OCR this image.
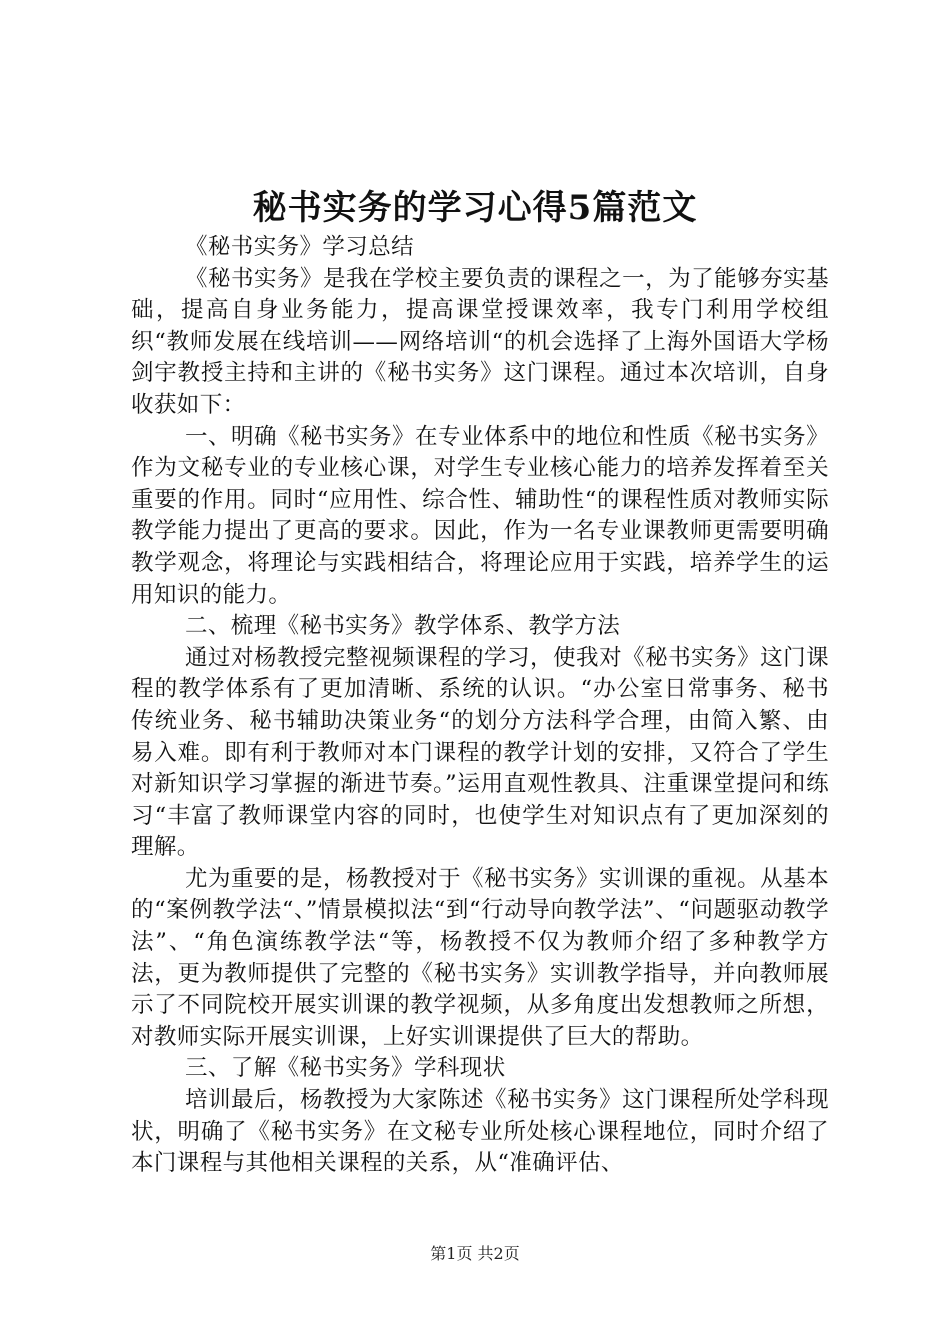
秘书实务的学习心得5篇范文

《秘书实务》学习总结

《秘书实务》是我在学校主要负责的课程之一，为了能够夯实基础，提高自身业务能力，提高课堂授课效率，我专门利用学校组织“教师发展在线培训——网络培训“的机会选择了上海外国语大学杨剑宇教授主持和主讲的《秘书实务》这门课程。通过本次培训，自身收获如下：

一、明确《秘书实务》在专业体系中的地位和性质《秘书实务》作为文秘专业的专业核心课，对学生专业核心能力的培养发挥着至关重要的作用。同时“应用性、综合性、辅助性“的课程性质对教师实际教学能力提出了更高的要求。因此，作为一名专业课教师更需要明确教学观念，将理论与实践相结合，将理论应用于实践，培养学生的运用知识的能力。

二、梳理《秘书实务》教学体系、教学方法

通过对杨教授完整视频课程的学习，使我对《秘书实务》这门课程的教学体系有了更加清晰、系统的认识。“办公室日常事务、秘书传统业务、秘书辅助决策业务“的划分方法科学合理，由简入繁、由易入难。即有利于教师对本门课程的教学计划的安排，又符合了学生对新知识学习掌握的渐进节奏。”运用直观性教具、注重课堂提问和练习“丰富了教师课堂内容的同时，也使学生对知识点有了更加深刻的理解。

尤为重要的是，杨教授对于《秘书实务》实训课的重视。从基本的“案例教学法“、”情景模拟法“到“行动导向教学法”、“问题驱动教学法”、“角色演练教学法“等，杨教授不仅为教师介绍了多种教学方法，更为教师提供了完整的《秘书实务》实训教学指导，并向教师展示了不同院校开展实训课的教学视频，从多角度出发想教师之所想，对教师实际开展实训课，上好实训课提供了巨大的帮助。

三、了解《秘书实务》学科现状

培训最后，杨教授为大家陈述《秘书实务》这门课程所处学科现状，明确了《秘书实务》在文秘专业所处核心课程地位，同时介绍了本门课程与其他相关课程的关系，从“准确评估、

第1页 共2页
